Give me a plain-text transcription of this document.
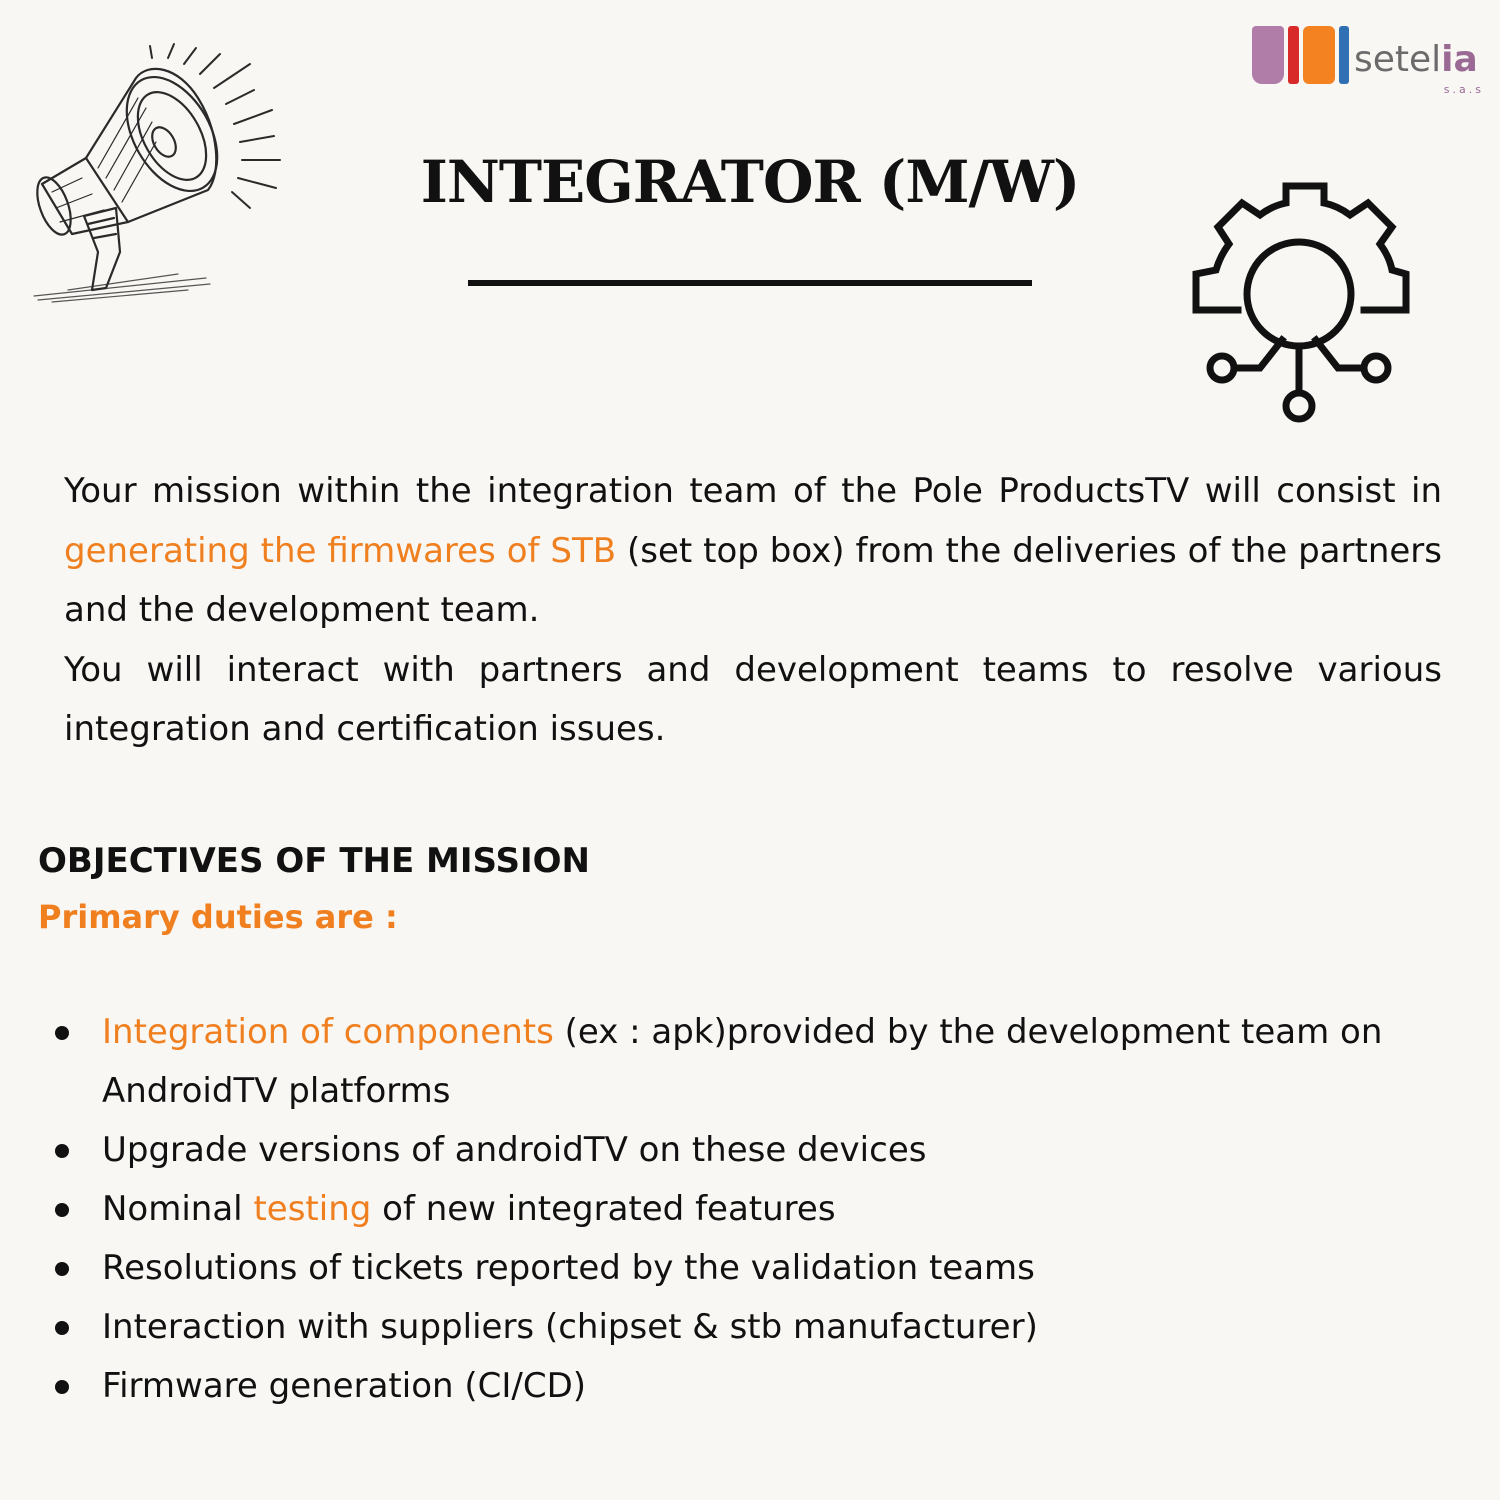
setelia
s.a.s
INTEGRATOR (M/W)

Your mission within the integration team of the Pole ProductsTV will consist in generating the firmwares of STB (set top box) from the deliveries of the partners and the development team.

You will interact with partners and development teams to resolve various integration and certification issues.

OBJECTIVES OF THE MISSION
Primary duties are :
Integration of components (ex : apk)provided by the development team on AndroidTV platforms
Upgrade versions of androidTV on these devices
Nominal testing of new integrated features
Resolutions of tickets reported by the validation teams
Interaction with suppliers (chipset & stb manufacturer)
Firmware generation (CI/CD)
